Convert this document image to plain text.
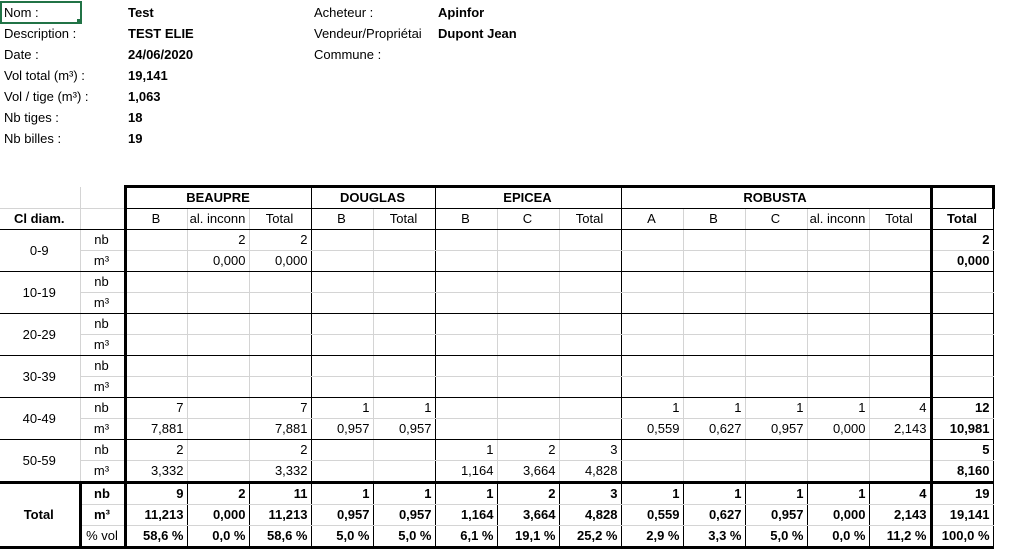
Nom :	Test
Description :	TEST ELIE
Date :	24/06/2020
Vol total (m³) :	19,141
Vol / tige (m³) :	1,063
Nb tiges :	18
Nb billes :	19
Acheteur :	Apinfor
Vendeur/Propriétai	Dupont Jean
Commune :
		BEAUPRE			DOUGLAS		EPICEA			ROBUSTA					
Cl diam.		B	al. inconn	Total	B	Total	B	C	Total	A	B	C	al. inconn	Total	Total
0-9	nb		2	2											2
	m³		0,000	0,000											0,000
10-19	nb														
	m³														
20-29	nb														
	m³														
30-39	nb														
	m³														
40-49	nb	7		7	1	1				1	1	1	1	4	12
	m³	7,881		7,881	0,957	0,957				0,559	0,627	0,957	0,000	2,143	10,981
50-59	nb	2		2			1	2	3						5
	m³	3,332		3,332			1,164	3,664	4,828						8,160
Total	nb	9	2	11	1	1	1	2	3	1	1	1	1	4	19
	m³	11,213	0,000	11,213	0,957	0,957	1,164	3,664	4,828	0,559	0,627	0,957	0,000	2,143	19,141
	% vol	58,6 %	0,0 %	58,6 %	5,0 %	5,0 %	6,1 %	19,1 %	25,2 %	2,9 %	3,3 %	5,0 %	0,0 %	11,2 %	100,0 %
